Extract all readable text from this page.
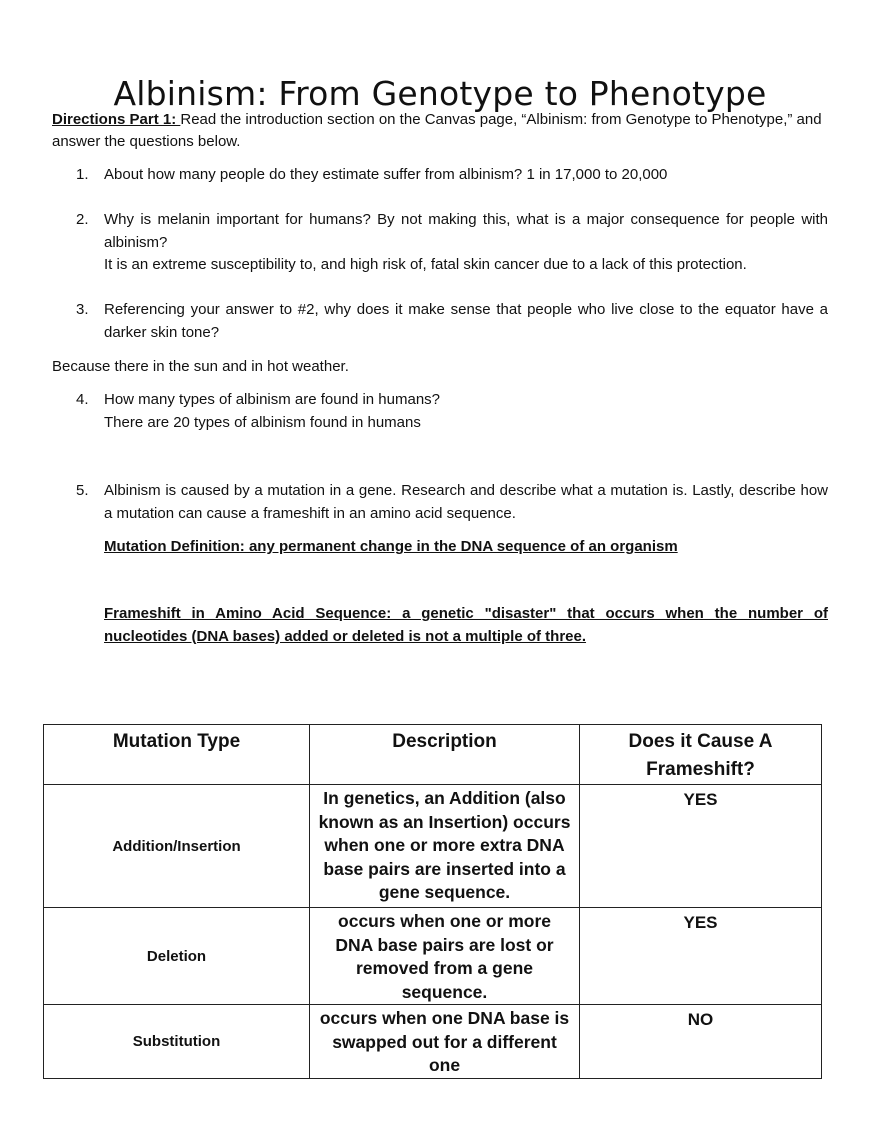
Albinism: From Genotype to Phenotype
Directions Part 1: Read the introduction section on the Canvas page, “Albinism: from Genotype to Phenotype,” and answer the questions below.
1. About how many people do they estimate suffer from albinism? 1 in 17,000 to 20,000
2. Why is melanin important for humans? By not making this, what is a major consequence for people with albinism?
It is an extreme susceptibility to, and high risk of, fatal skin cancer due to a lack of this protection.
3. Referencing your answer to #2, why does it make sense that people who live close to the equator have a darker skin tone?
Because there in the sun and in hot weather.
4. How many types of albinism are found in humans?
There are 20 types of albinism found in humans
5. Albinism is caused by a mutation in a gene. Research and describe what a mutation is. Lastly, describe how a mutation can cause a frameshift in an amino acid sequence.
Mutation Definition: any permanent change in the DNA sequence of an organism
Frameshift in Amino Acid Sequence: a genetic "disaster" that occurs when the number of nucleotides (DNA bases) added or deleted is not a multiple of three.
Mutation Type	Description	Does it Cause A Frameshift?
Addition/Insertion	In genetics, an Addition (also known as an Insertion) occurs when one or more extra DNA base pairs are inserted into a gene sequence.	YES
Deletion	occurs when one or more DNA base pairs are lost or removed from a gene sequence.	YES
Substitution	occurs when one DNA base is swapped out for a different one	NO
